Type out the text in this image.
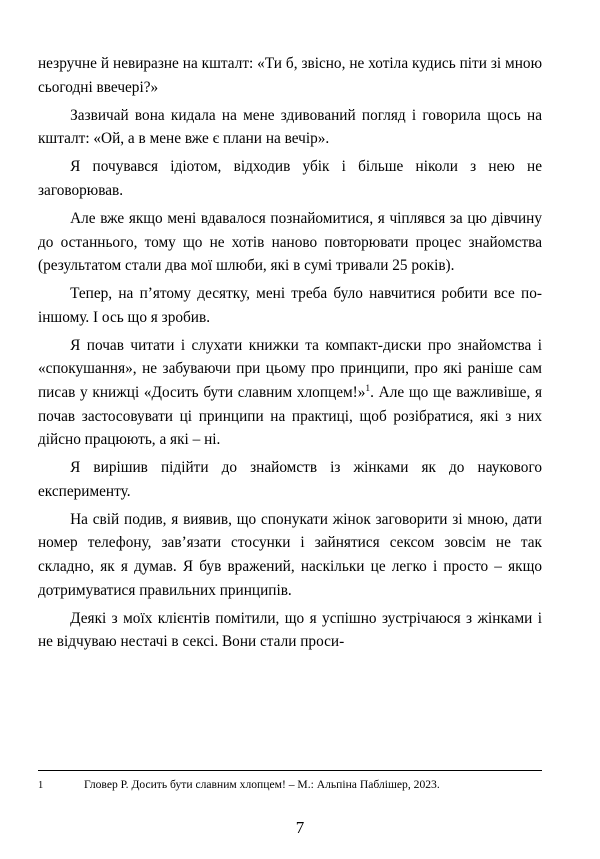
незручне й невиразне на кшталт: «Ти б, звісно, не хотіла кудись піти зі мною сьогодні ввечері?»

Зазвичай вона кидала на мене здивований погляд і говорила щось на кшталт: «Ой, а в мене вже є плани на вечір».

Я почувався ідіотом, відходив убік і більше ніколи з нею не заговорював.

Але вже якщо мені вдавалося познайомитися, я чіплявся за цю дівчину до останнього, тому що не хотів наново повторювати процес знайомства (результатом стали два мої шлюби, які в сумі тривали 25 років).

Тепер, на п’ятому десятку, мені треба було навчитися робити все по-іншому. І ось що я зробив.

Я почав читати і слухати книжки та компакт-диски про знайомства і «спокушання», не забуваючи при цьому про принципи, про які раніше сам писав у книжці «Досить бути славним хлопцем!»$^1$. Але що ще важливіше, я почав застосовувати ці принципи на практиці, щоб розібратися, які з них дійсно працюють, а які – ні.

Я вирішив підійти до знайомств із жінками як до наукового експерименту.

На свій подив, я виявив, що спонукати жінок заговорити зі мною, дати номер телефону, зав’язати стосунки і зайнятися сексом зовсім не так складно, як я думав. Я був вражений, наскільки це легко і просто – якщо дотримуватися правильних принципів.

Деякі з моїх клієнтів помітили, що я успішно зустрічаюся з жінками і не відчуваю нестачі в сексі. Вони стали проси-

1	Гловер Р. Досить бути славним хлопцем! – М.: Альпіна Паблішер, 2023.
7
